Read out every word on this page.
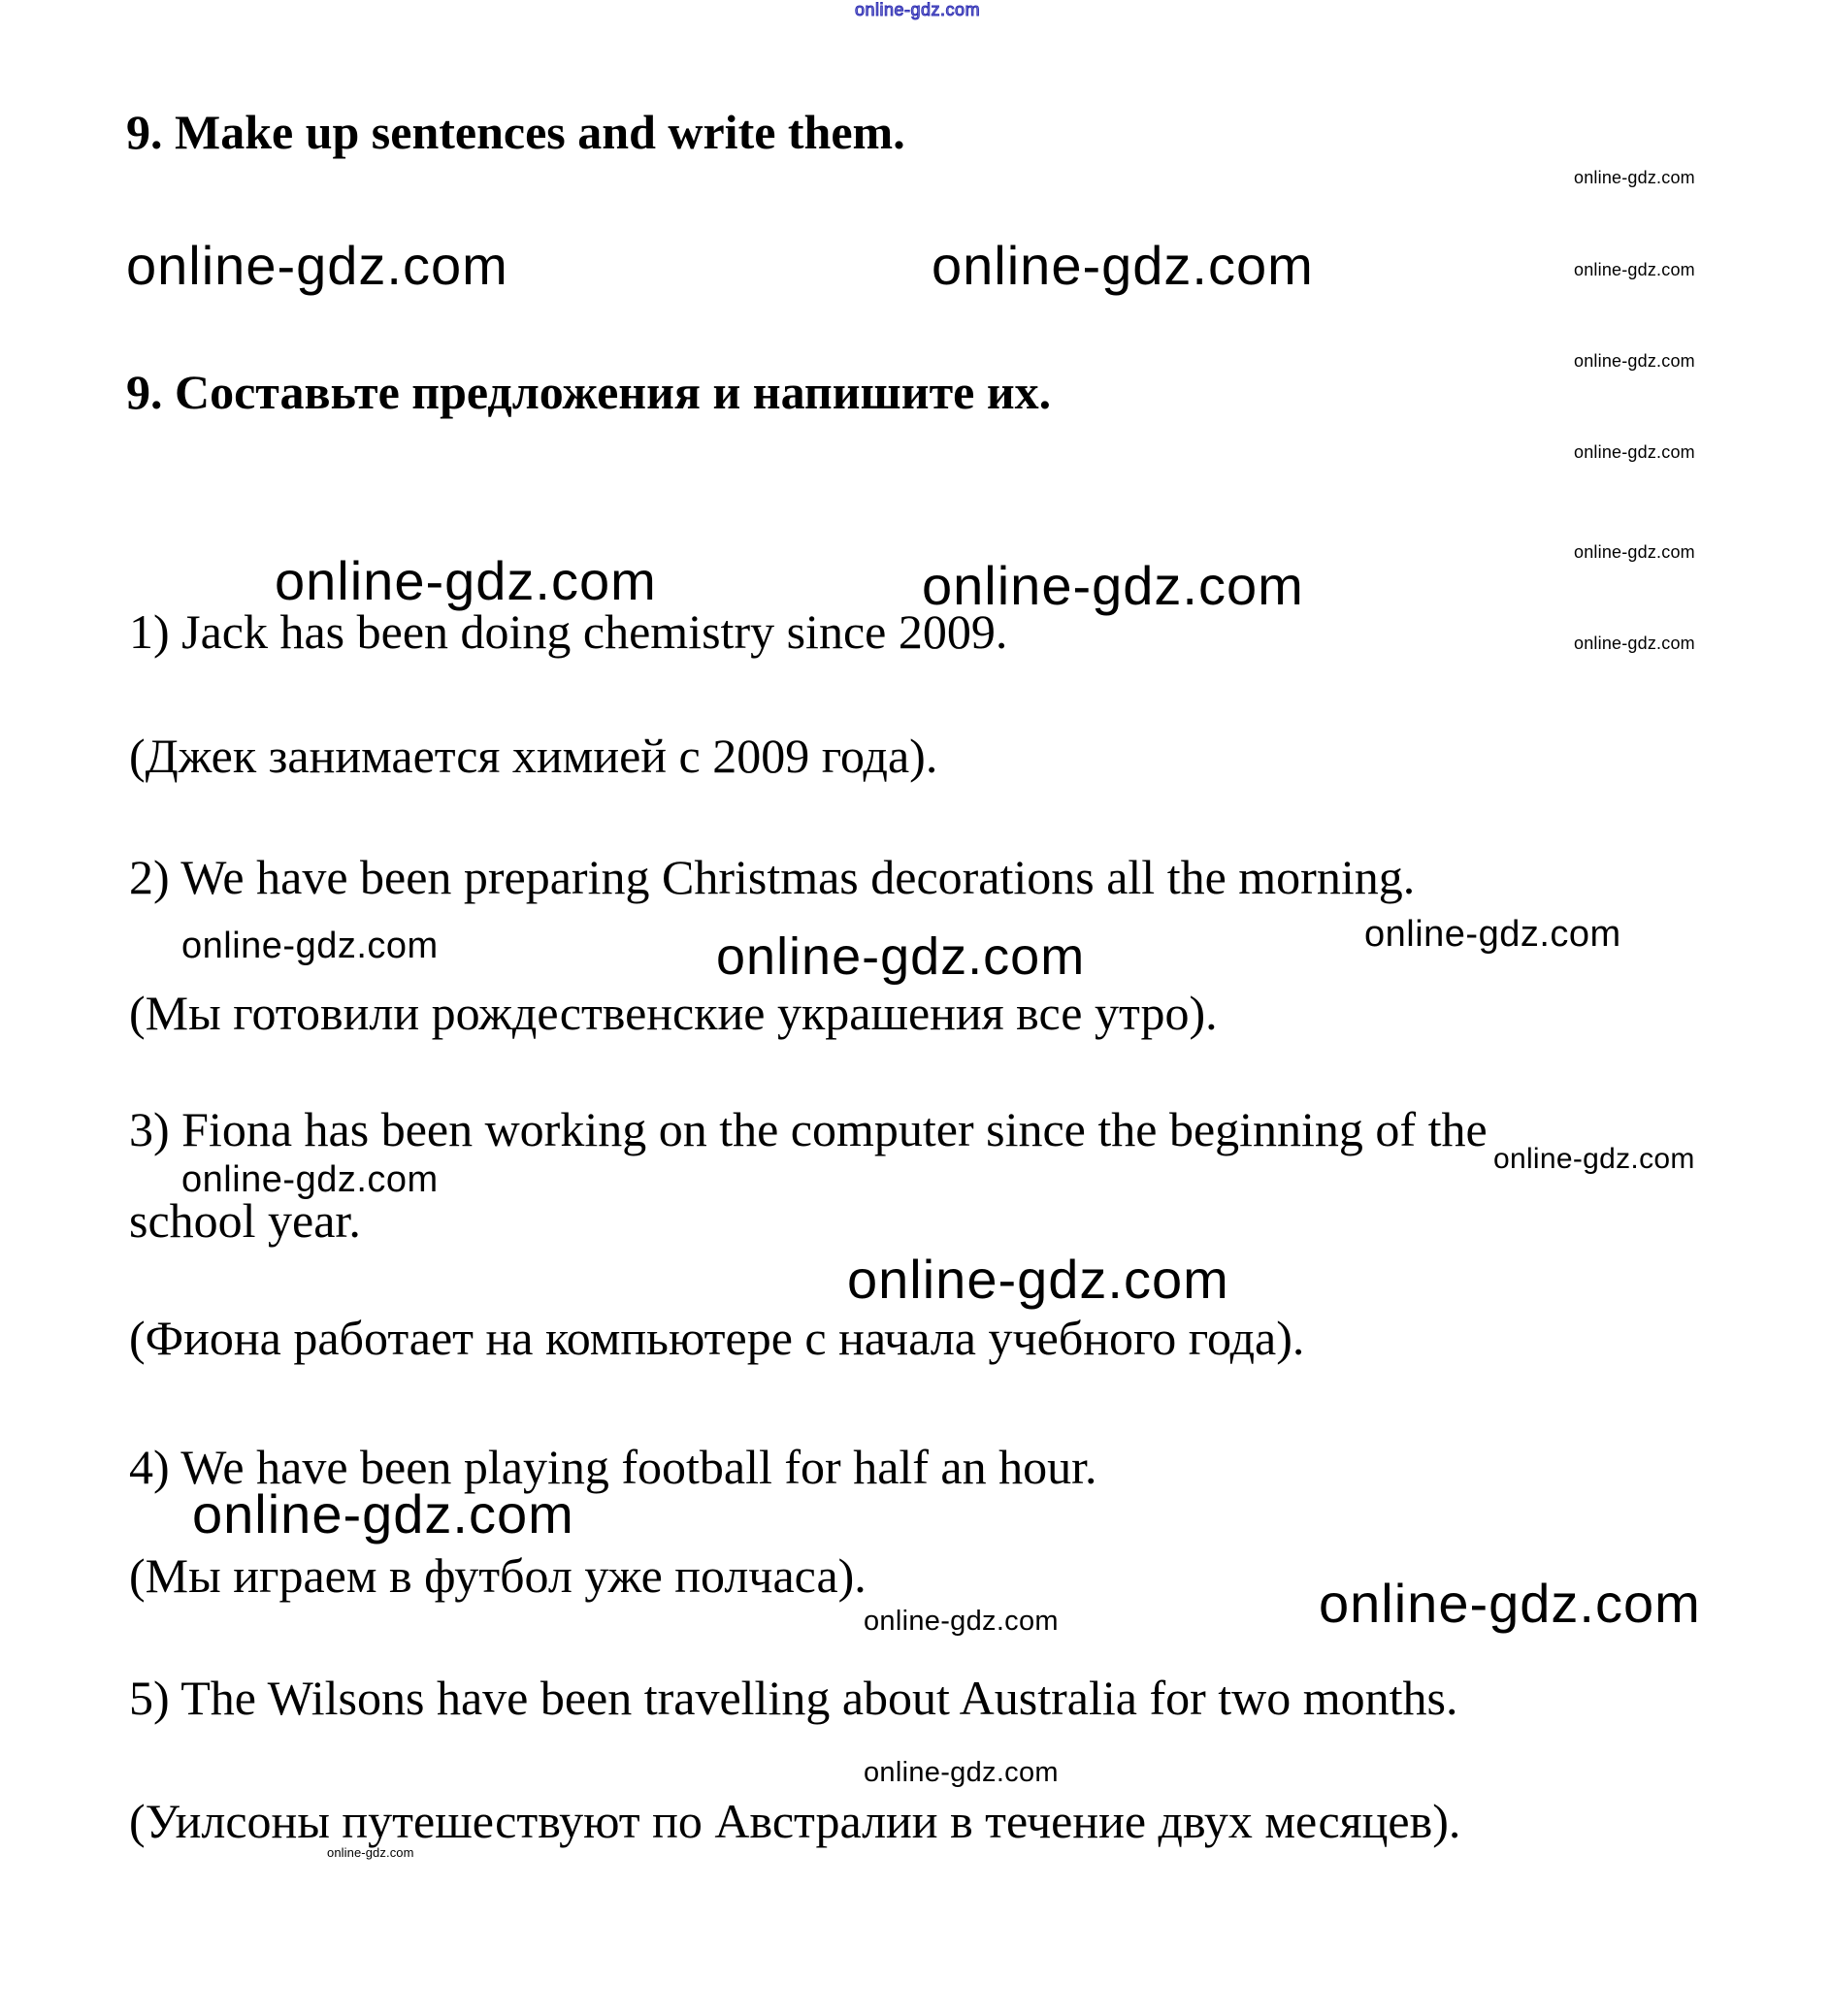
online-gdz.com
9. Make up sentences and write them.
online-gdz.com
online-gdz.com
online-gdz.com
online-gdz.com
online-gdz.com
online-gdz.com
online-gdz.com	online-gdz.com
9. Составьте предложения и напишите их.
online-gdz.com	online-gdz.com
1) Jack has been doing chemistry since 2009.
(Джек занимается химией с 2009 года).
2) We have been preparing Christmas decorations all the morning.
online-gdz.com	online-gdz.com	online-gdz.com
(Мы готовили рождественские украшения все утро).
3) Fiona has been working on the computer since the beginning of the
online-gdz.com
online-gdz.com
school year.
online-gdz.com
(Фиона работает на компьютере с начала учебного года).
4) We have been playing football for half an hour.
online-gdz.com
(Мы играем в футбол уже полчаса).
online-gdz.com	online-gdz.com
5) The Wilsons have been travelling about Australia for two months.
online-gdz.com
(Уилсоны путешествуют по Австралии в течение двух месяцев).
online-gdz.com
